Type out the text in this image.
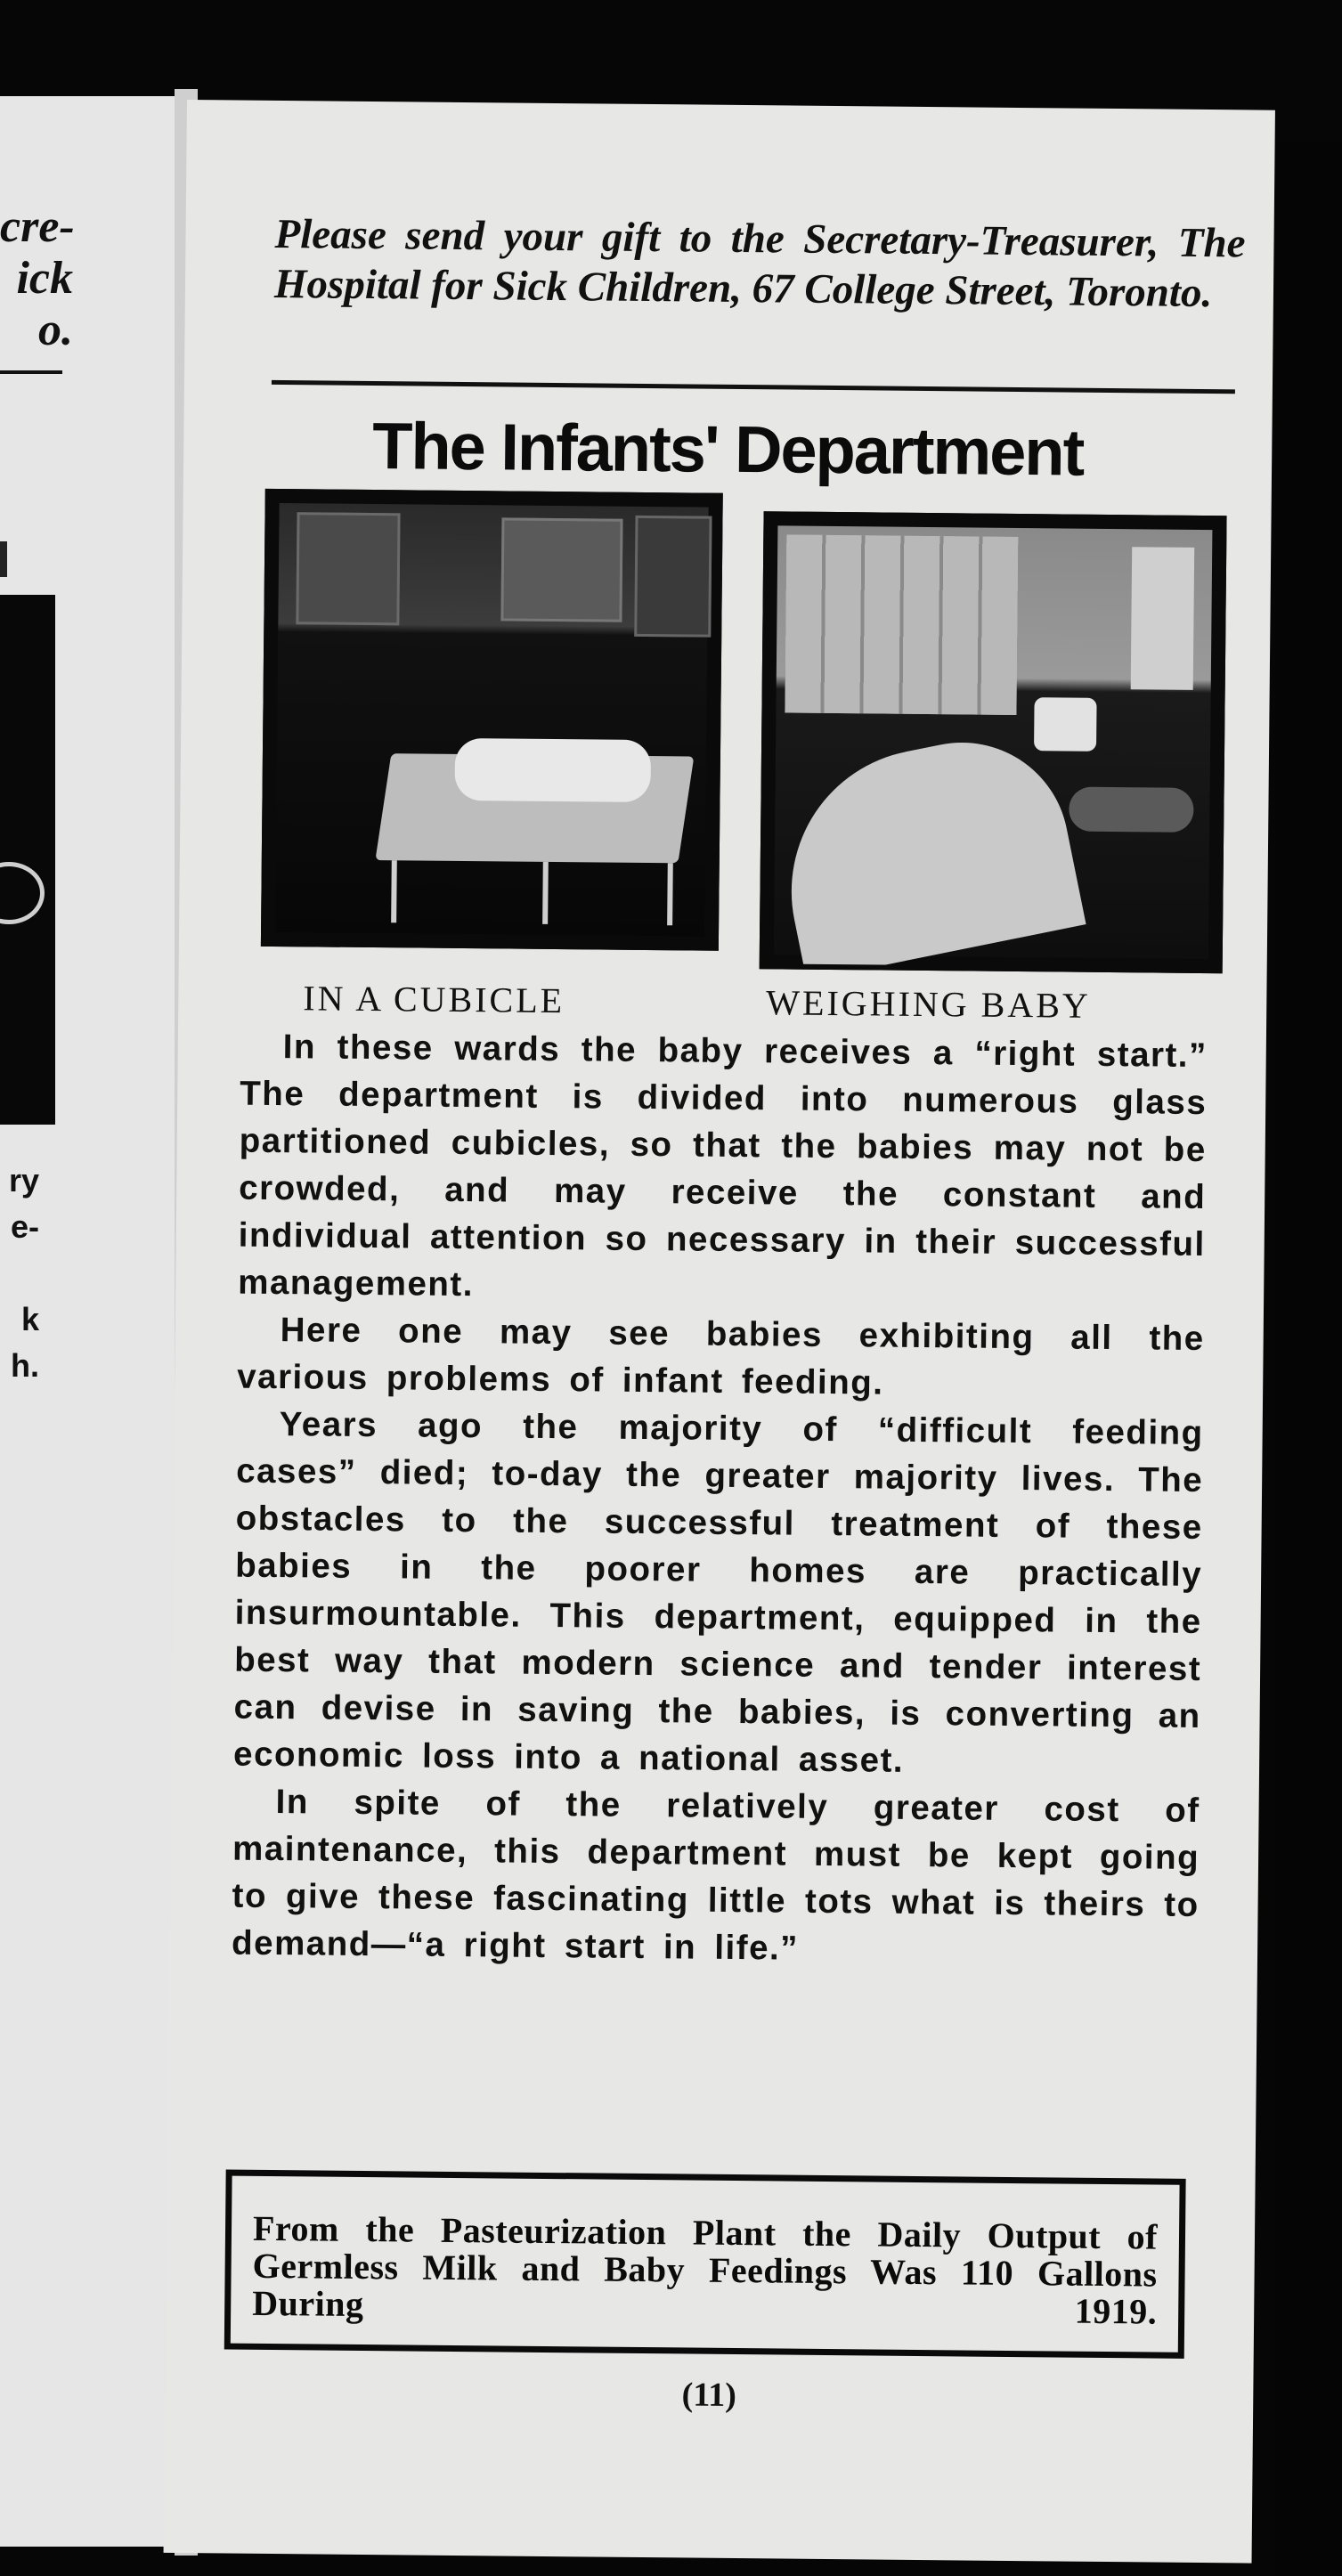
cre-
ick
o.
ry
e-

k
h.
Please send your gift to the Secretary-Treasurer, The Hospital for Sick Children, 67 College Street, Toronto.
The Infants' Department
IN A CUBICLE	WEIGHING BABY

In these wards the baby receives a “right start.” The department is divided into numerous glass partitioned cubicles, so that the babies may not be crowded, and may receive the constant and individual attention so necessary in their successful management.

Here one may see babies exhibiting all the various problems of infant feeding.

Years ago the majority of “difficult feeding cases” died; to-day the greater majority lives. The obstacles to the successful treatment of these babies in the poorer homes are practically insurmountable. This department, equipped in the best way that modern science and tender interest can devise in saving the babies, is converting an economic loss into a national asset.

In spite of the relatively greater cost of maintenance, this department must be kept going to give these fascinating little tots what is theirs to demand—“a right start in life.”

From the Pasteurization Plant the Daily Output of Germless Milk and Baby Feedings Was 110 Gallons During 1919.
(11)
